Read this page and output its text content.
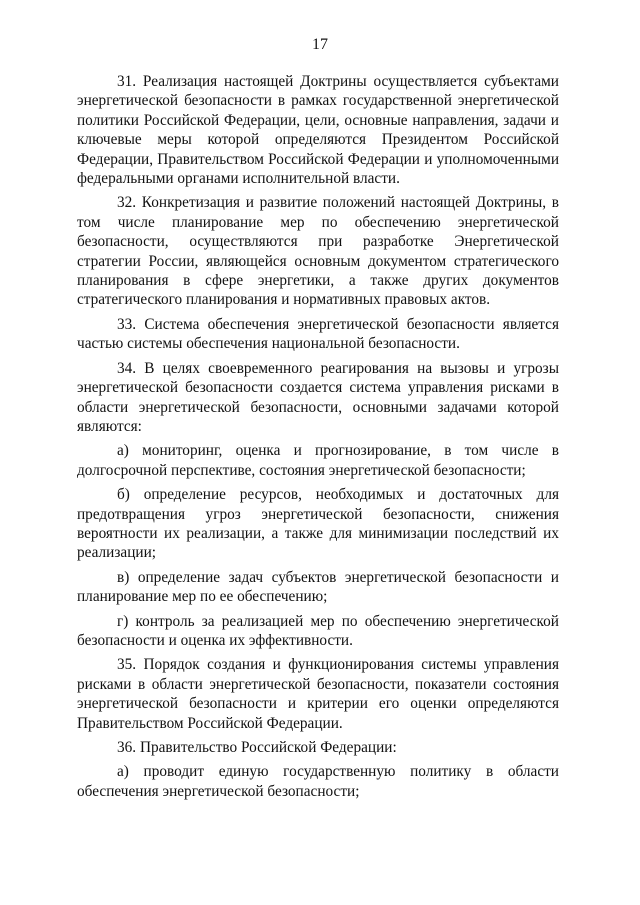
17

31. Реализация настоящей Доктрины осуществляется субъектами энергетической безопасности в рамках государственной энергетической политики Российской Федерации, цели, основные направления, задачи и ключевые меры которой определяются Президентом Российской Федерации, Правительством Российской Федерации и уполномоченными федеральными органами исполнительной власти.

32. Конкретизация и развитие положений настоящей Доктрины, в том числе планирование мер по обеспечению энергетической безопасности, осуществляются при разработке Энергетической стратегии России, являющейся основным документом стратегического планирования в сфере энергетики, а также других документов стратегического планирования и нормативных правовых актов.

33. Система обеспечения энергетической безопасности является частью системы обеспечения национальной безопасности.

34. В целях своевременного реагирования на вызовы и угрозы энергетической безопасности создается система управления рисками в области энергетической безопасности, основными задачами которой являются:

а) мониторинг, оценка и прогнозирование, в том числе в долгосрочной перспективе, состояния энергетической безопасности;

б) определение ресурсов, необходимых и достаточных для предотвращения угроз энергетической безопасности, снижения вероятности их реализации, а также для минимизации последствий их реализации;

в) определение задач субъектов энергетической безопасности и планирование мер по ее обеспечению;

г) контроль за реализацией мер по обеспечению энергетической безопасности и оценка их эффективности.

35. Порядок создания и функционирования системы управления рисками в области энергетической безопасности, показатели состояния энергетической безопасности и критерии его оценки определяются Правительством Российской Федерации.

36. Правительство Российской Федерации:

а) проводит единую государственную политику в области обеспечения энергетической безопасности;
